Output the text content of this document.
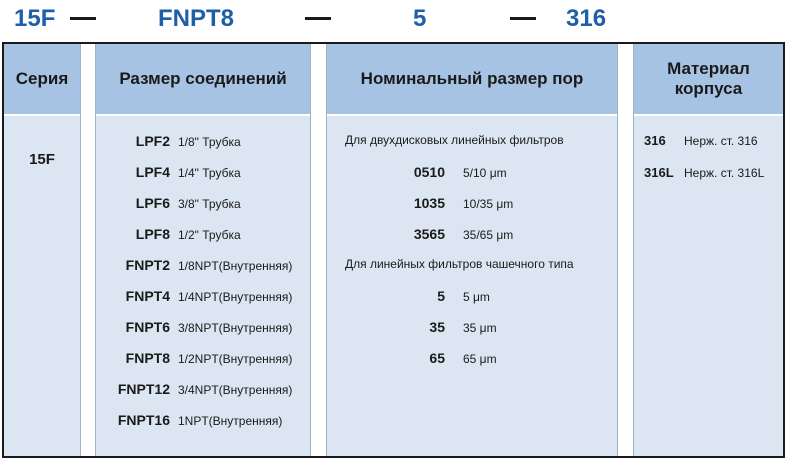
15F	FNPT8	5	316
Серия
15F
Размер соединений
LPF2 1/8" Трубка
LPF4 1/4" Трубка
LPF6 3/8" Трубка
LPF8 1/2" Трубка
FNPT2 1/8NPT(Внутренняя)
FNPT4 1/4NPT(Внутренняя)
FNPT6 3/8NPT(Внутренняя)
FNPT8 1/2NPT(Внутренняя)
FNPT12 3/4NPT(Внутренняя)
FNPT16 1NPT(Внутренняя)
Номинальный размер пор
Для двухдисковых линейных фильтров
0510 5/10 μm
1035 10/35 μm
3565 35/65 μm
Для линейных фильтров чашечного типа
5 5 μm
35 35 μm
65 65 μm
Материал корпуса
316 Нерж. ст. 316
316L Нерж. ст. 316L
